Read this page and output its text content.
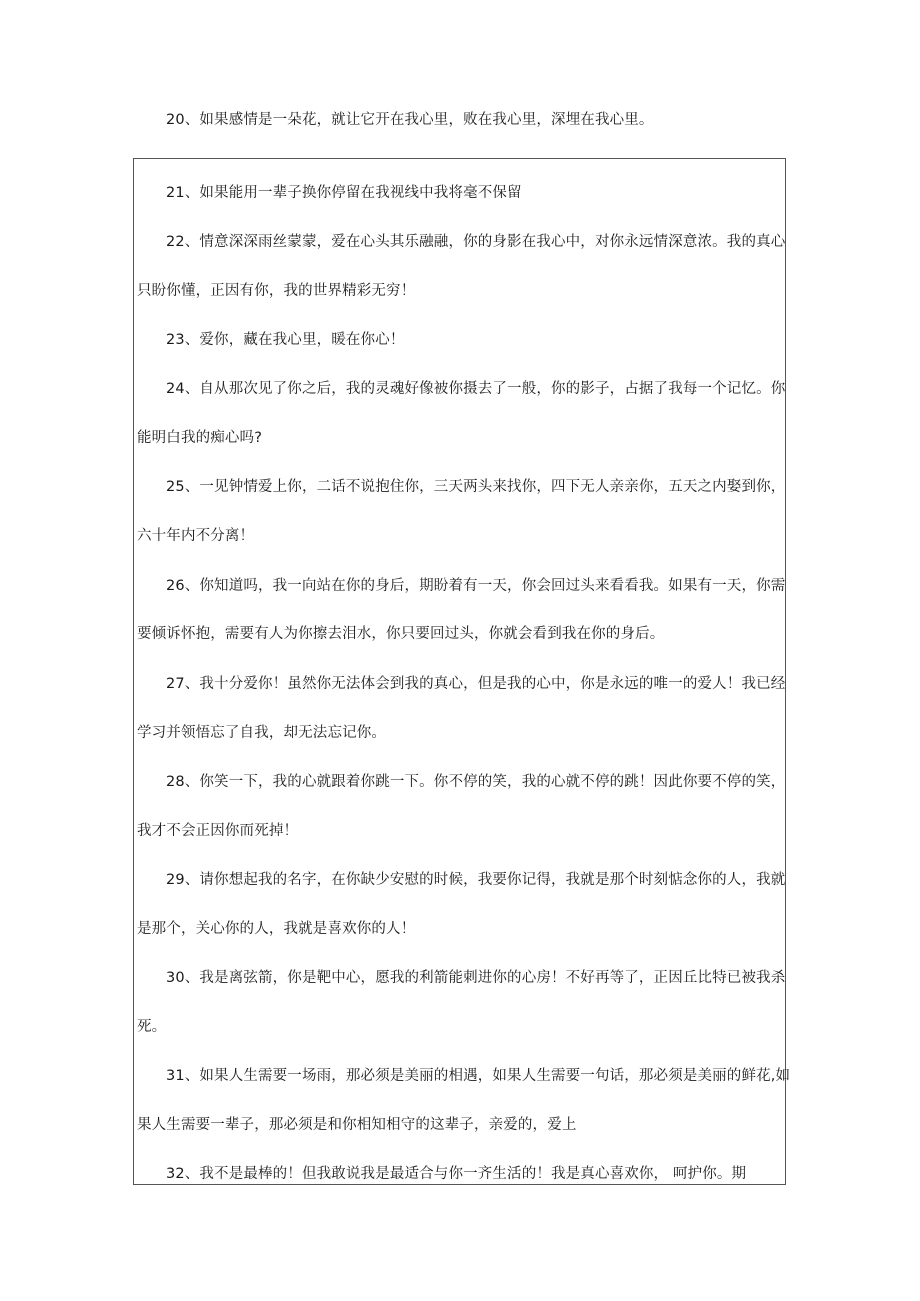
20、如果感情是一朵花，就让它开在我心里，败在我心里，深埋在我心里。
21、如果能用一辈子换你停留在我视线中我将毫不保留
22、情意深深雨丝蒙蒙，爱在心头其乐融融，你的身影在我心中，对你永远情深意浓。我的真心
只盼你懂，正因有你，我的世界精彩无穷！
23、爱你，藏在我心里，暖在你心！
24、自从那次见了你之后，我的灵魂好像被你摄去了一般，你的影子，占据了我每一个记忆。你
能明白我的痴心吗?
25、一见钟情爱上你，二话不说抱住你，三天两头来找你，四下无人亲亲你，五天之内娶到你，
六十年内不分离！
26、你知道吗，我一向站在你的身后，期盼着有一天，你会回过头来看看我。如果有一天，你需
要倾诉怀抱，需要有人为你擦去泪水，你只要回过头，你就会看到我在你的身后。
27、我十分爱你！虽然你无法体会到我的真心，但是我的心中，你是永远的唯一的爱人！我已经
学习并领悟忘了自我，却无法忘记你。
28、你笑一下，我的心就跟着你跳一下。你不停的笑，我的心就不停的跳！因此你要不停的笑，
我才不会正因你而死掉！
29、请你想起我的名字，在你缺少安慰的时候，我要你记得，我就是那个时刻惦念你的人，我就
是那个，关心你的人，我就是喜欢你的人！
30、我是离弦箭，你是靶中心，愿我的利箭能刺进你的心房！不好再等了，正因丘比特已被我杀
死。
31、如果人生需要一场雨，那必须是美丽的相遇，如果人生需要一句话，那必须是美丽的鲜花,如
果人生需要一辈子，那必须是和你相知相守的这辈子，亲爱的，爱上
32、我不是最棒的！但我敢说我是最适合与你一齐生活的！我是真心喜欢你， 呵护你。期
